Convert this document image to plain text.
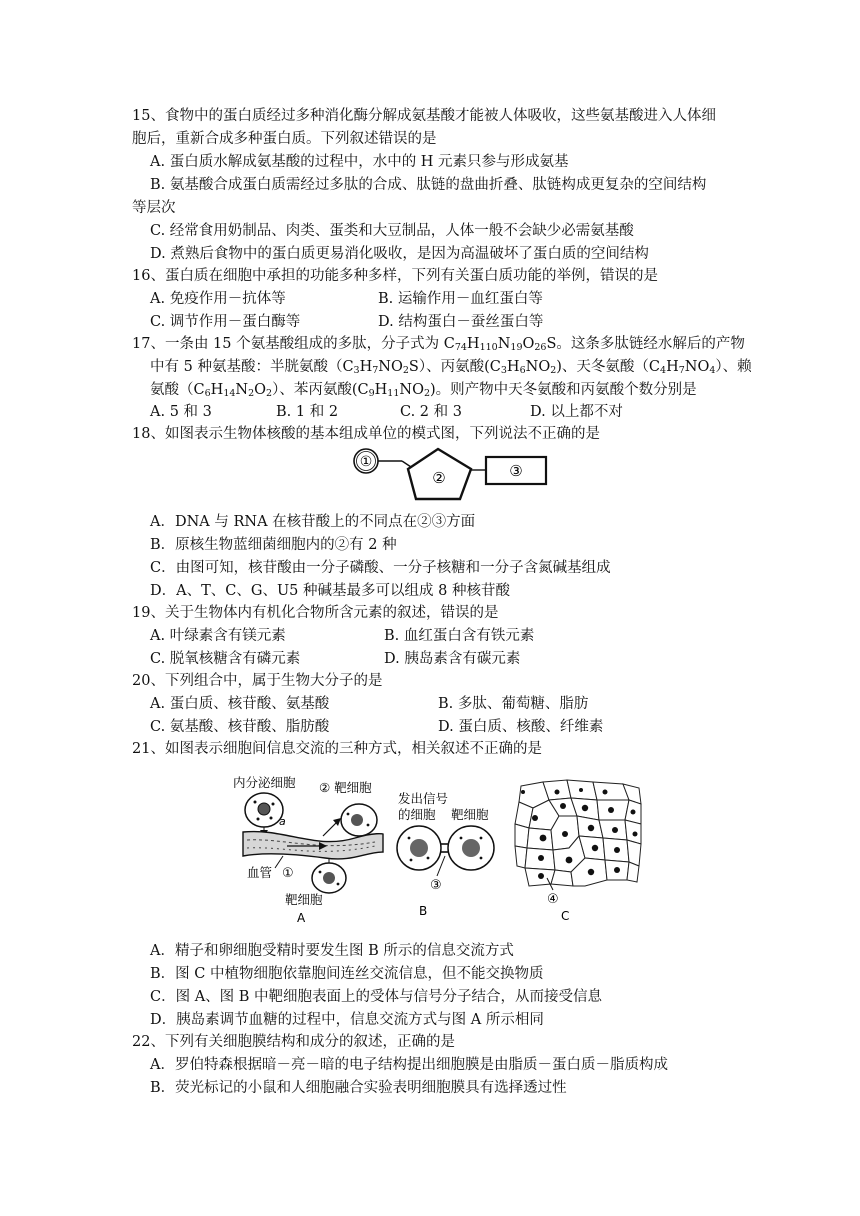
15、食物中的蛋白质经过多种消化酶分解成氨基酸才能被人体吸收，这些氨基酸进入人体细
胞后，重新合成多种蛋白质。下列叙述错误的是
A. 蛋白质水解成氨基酸的过程中，水中的 H 元素只参与形成氨基
B. 氨基酸合成蛋白质需经过多肽的合成、肽链的盘曲折叠、肽链构成更复杂的空间结构
等层次
C. 经常食用奶制品、肉类、蛋类和大豆制品，人体一般不会缺少必需氨基酸
D. 煮熟后食物中的蛋白质更易消化吸收，是因为高温破坏了蛋白质的空间结构
16、蛋白质在细胞中承担的功能多种多样，下列有关蛋白质功能的举例，错误的是
A. 免疫作用－抗体等	B. 运输作用－血红蛋白等
C. 调节作用－蛋白酶等	D. 结构蛋白－蚕丝蛋白等
17、一条由 15 个氨基酸组成的多肽，分子式为 $C_{74}H_{110}N_{19}O_{26}S$。这条多肽链经水解后的产物
中有 5 种氨基酸：半胱氨酸$(C_3H_7NO_2S)$、丙氨酸$(C_3H_6NO_2)$、天冬氨酸$(C_4H_7NO_4)$、赖
氨酸$(C_6H_{14}N_2O_2)$、苯丙氨酸$(C_9H_{11}NO_2)$。则产物中天冬氨酸和丙氨酸个数分别是
A. 5 和 3	B. 1 和 2	C. 2 和 3	D. 以上都不对
18、如图表示生物体核酸的基本组成单位的模式图，下列说法不正确的是
①
②	③
A．DNA 与 RNA 在核苷酸上的不同点在②③方面
B．原核生物蓝细菌细胞内的②有 2 种
C．由图可知，核苷酸由一分子磷酸、一分子核糖和一分子含氮碱基组成
D．A、T、C、G、U5 种碱基最多可以组成 8 种核苷酸
19、关于生物体内有机化合物所含元素的叙述，错误的是
A. 叶绿素含有镁元素	B. 血红蛋白含有铁元素
C. 脱氧核糖含有磷元素	D. 胰岛素含有碳元素
20、下列组合中，属于生物大分子的是
A. 蛋白质、核苷酸、氨基酸	B. 多肽、葡萄糖、脂肪
C. 氨基酸、核苷酸、脂肪酸	D. 蛋白质、核酸、纤维素
21、如图表示细胞间信息交流的三种方式，相关叙述不正确的是
内分泌细胞
a
② 靶细胞
血管 ①
靶细胞
A
发出信号
的细胞 靶细胞
③
B
④
C
A．精子和卵细胞受精时要发生图 B 所示的信息交流方式
B．图 C 中植物细胞依靠胞间连丝交流信息，但不能交换物质
C．图 A、图 B 中靶细胞表面上的受体与信号分子结合，从而接受信息
D．胰岛素调节血糖的过程中，信息交流方式与图 A 所示相同
22、下列有关细胞膜结构和成分的叙述，正确的是
A．罗伯特森根据暗－亮－暗的电子结构提出细胞膜是由脂质－蛋白质－脂质构成
B．荧光标记的小鼠和人细胞融合实验表明细胞膜具有选择透过性
